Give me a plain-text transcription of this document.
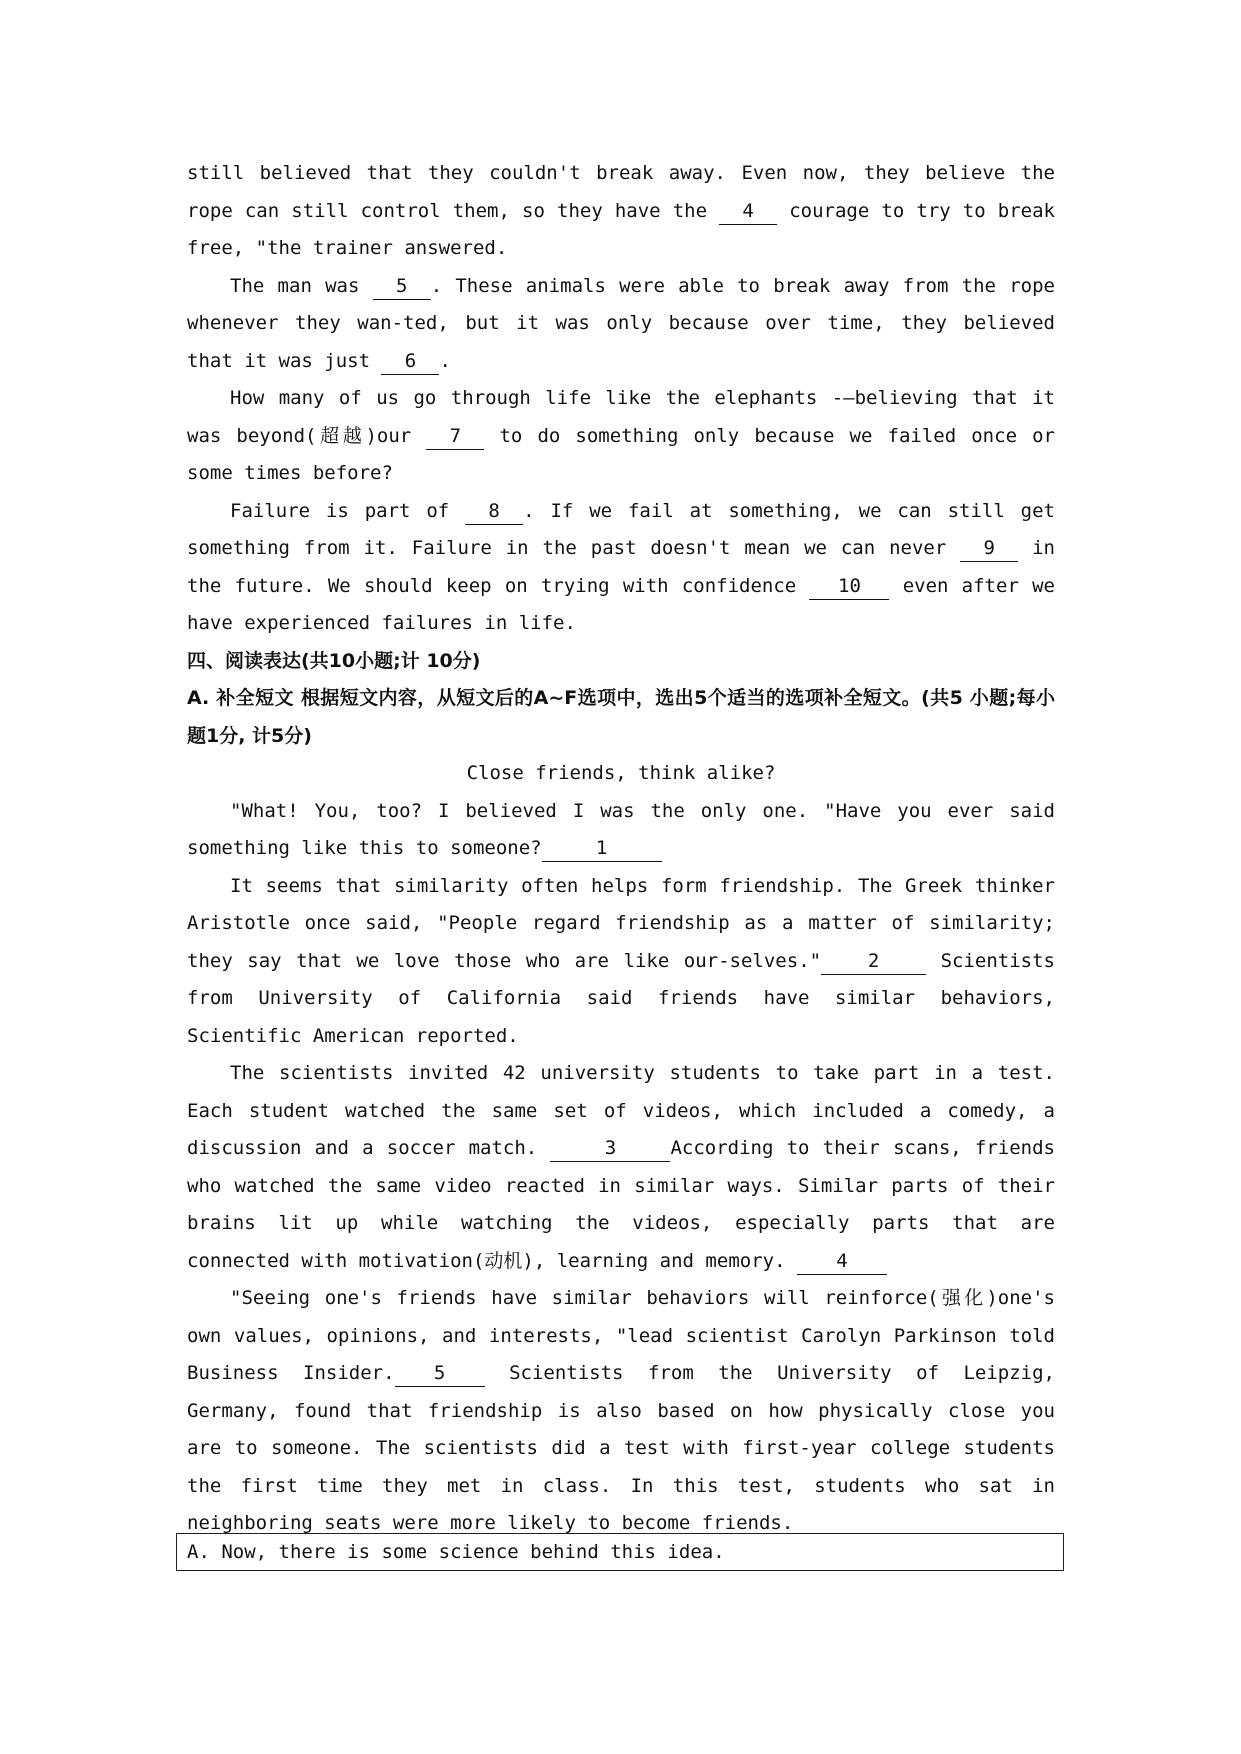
still believed that they couldn't break away. Even now, they believe the rope can still control them, so they have the 4 courage to try to break free, "the trainer answered.

The man was 5 . These animals were able to break away from the rope whenever they wan-ted, but it was only because over time, they believed that it was just 6 .

How many of us go through life like the elephants -—believing that it was beyond(超越)our 7 to do something only because we failed once or some times before?

Failure is part of 8 . If we fail at something, we can still get something from it. Failure in the past doesn't mean we can never 9 in the future. We should keep on trying with confidence 10 even after we have experienced failures in life.

四、阅读表达(共10小题;计 10分)

A. 补全短文 根据短文内容，从短文后的A~F选项中，选出5个适当的选项补全短文。(共5 小题;每小题1分, 计5分)

Close friends, think alike?

"What! You, too? I believed I was the only one. "Have you ever said something like this to someone?	1

It seems that similarity often helps form friendship. The Greek thinker Aristotle once said, "People regard friendship as a matter of similarity; they say that we love those who are like our-selves." 2 Scientists from University of California said friends have similar behaviors, Scientific American reported.

The scientists invited 42 university students to take part in a test. Each student watched the same set of videos, which included a comedy, a discussion and a soccer match.	3	According to their scans, friends who watched the same video reacted in similar ways. Similar parts of their brains lit up while watching the videos, especially parts that are connected with motivation(动机), learning and memory. 4

"Seeing one's friends have similar behaviors will reinforce(强化)one's own values, opinions, and interests, "lead scientist Carolyn Parkinson told Business Insider. 5 Scientists from the University of Leipzig, Germany, found that friendship is also based on how physically close you are to someone. The scientists did a test with first-year college students the first time they met in class. In this test, students who sat in neighboring seats were more likely to become friends.

A. Now, there is some science behind this idea.
